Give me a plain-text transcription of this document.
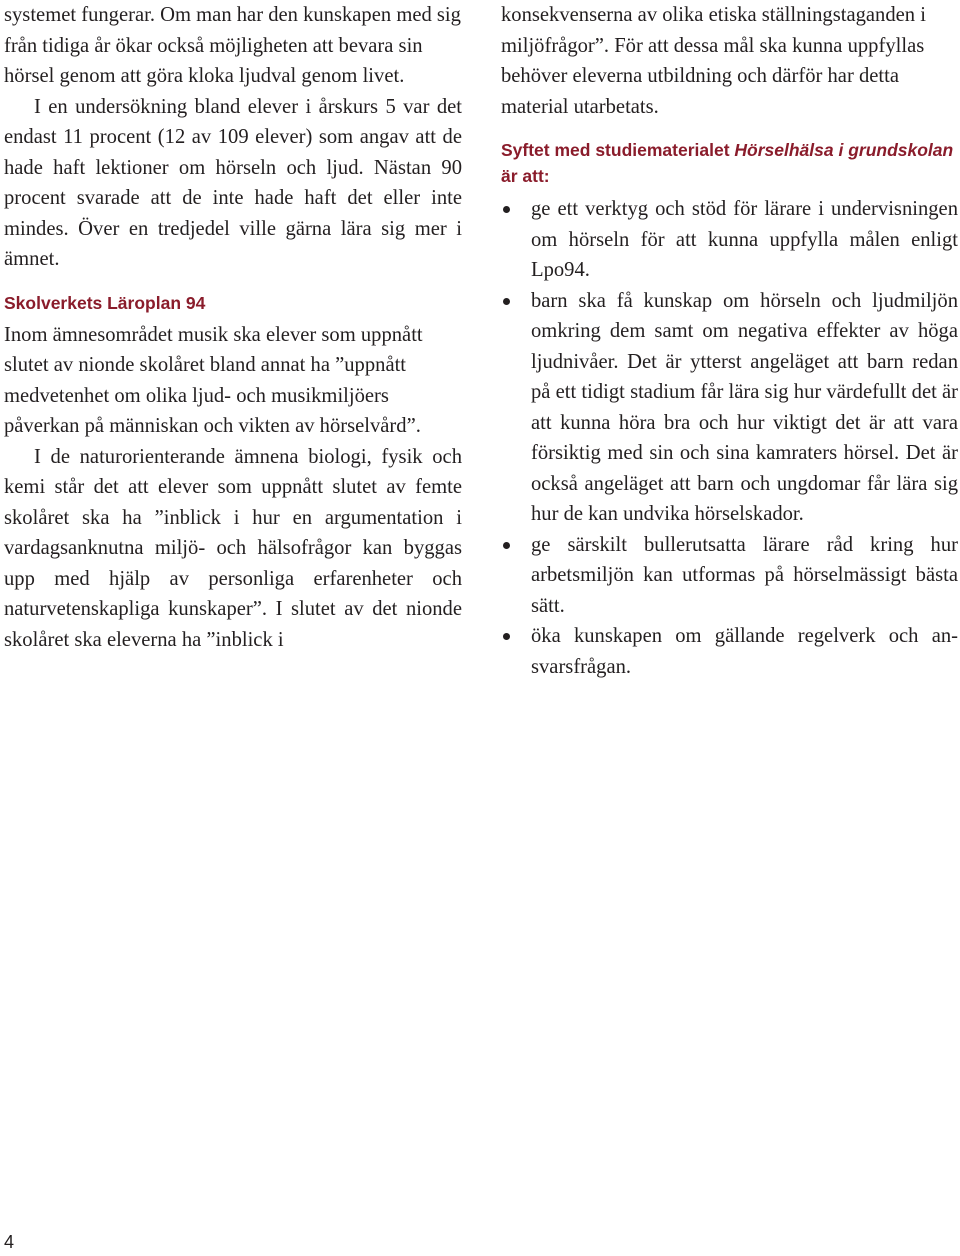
systemet fungerar. Om man har den kunskapen med sig från tidiga år ökar också möjligheten att bevara sin hörsel genom att göra kloka ljudval genom livet.

I en undersökning bland elever i årskurs 5 var det endast 11 procent (12 av 109 elever) som angav att de hade haft lektioner om hörseln och ljud. Nästan 90 procent svarade att de inte hade haft det eller inte mindes. Över en tredjedel ville gärna lära sig mer i ämnet.

Skolverkets Läroplan 94

Inom ämnesområdet musik ska elever som uppnått slutet av nionde skolåret bland annat ha ”uppnått medvetenhet om olika ljud- och musikmiljöers påverkan på människan och vikten av hörselvård”.

I de naturorienterande ämnena biologi, fysik och kemi står det att elever som uppnått slutet av femte skolåret ska ha ”inblick i hur en argumentation i vardagsanknutna miljö- och hälsofrågor kan byggas upp med hjälp av personliga erfarenheter och naturvetenskapliga kunskaper”. I slutet av det nionde skolåret ska eleverna ha ”inblick i

konsekvenserna av olika etiska ställningstaganden i miljöfrågor”. För att dessa mål ska kunna uppfyllas behöver eleverna utbildning och därför har detta material utarbetats.

Syftet med studiematerialet Hörselhälsa i grundskolan är att:
ge ett verktyg och stöd för lärare i undervisningen om hörseln för att kunna uppfylla målen enligt Lpo94.
barn ska få kunskap om hörseln och ljudmiljön omkring dem samt om negativa effekter av höga ljudnivåer. Det är ytterst angeläget att barn redan på ett tidigt stadium får lära sig hur värdefullt det är att kunna höra bra och hur viktigt det är att vara försiktig med sin och sina kamraters hörsel. Det är också angeläget att barn och ungdomar får lära sig hur de kan undvika hörselskador.
ge särskilt bullerutsatta lärare råd kring hur arbetsmiljön kan utformas på hörselmässigt bästa sätt.
öka kunskapen om gällande regelverk och ansvarsfrågan.
4
